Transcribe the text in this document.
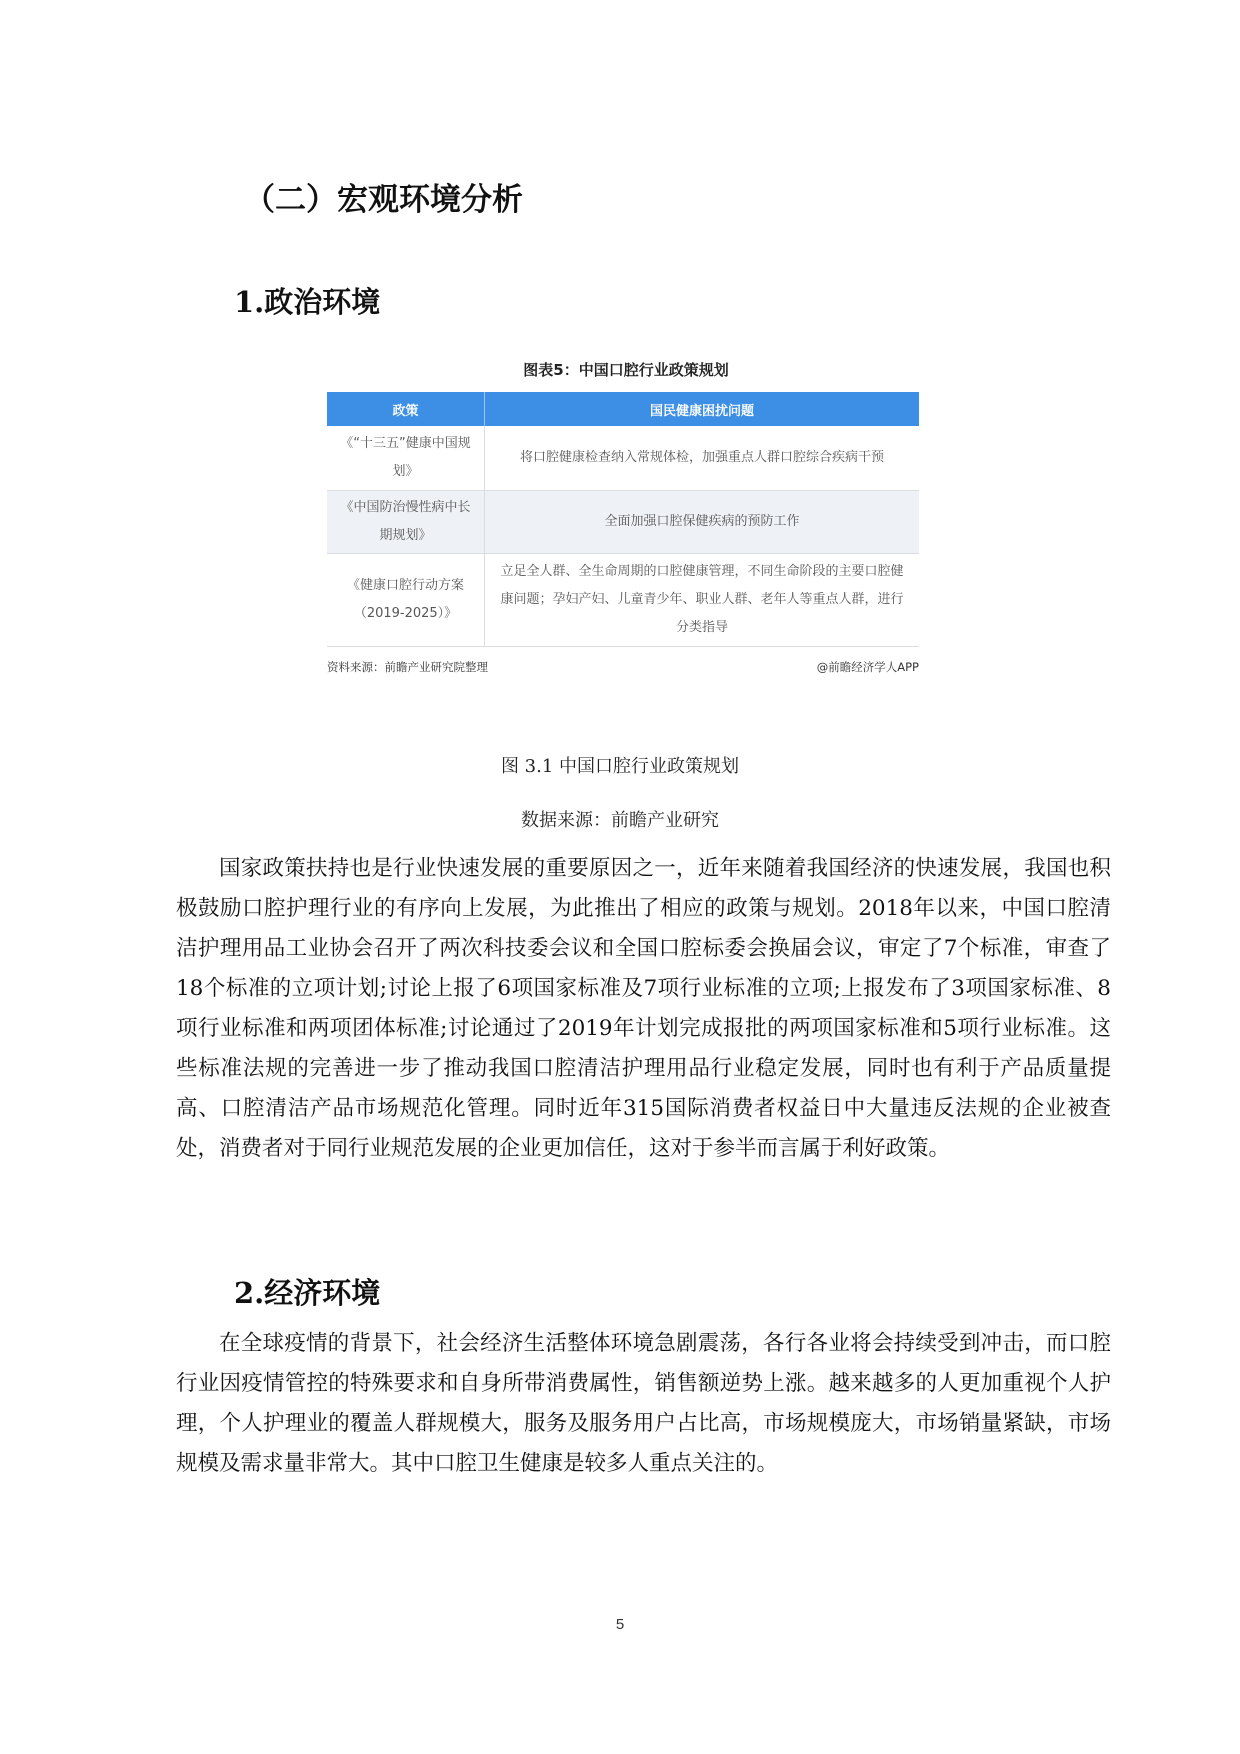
（二）宏观环境分析
1.政治环境
图表5：中国口腔行业政策规划
政策	国民健康困扰问题
《“十三五”健康中国规划》	将口腔健康检查纳入常规体检，加强重点人群口腔综合疾病干预
《中国防治慢性病中长期规划》	全面加强口腔保健疾病的预防工作
《健康口腔行动方案（2019-2025）》	立足全人群、全生命周期的口腔健康管理，不同生命阶段的主要口腔健康问题；孕妇产妇、儿童青少年、职业人群、老年人等重点人群，进行分类指导
资料来源：前瞻产业研究院整理	@前瞻经济学人APP
图 3.1 中国口腔行业政策规划
数据来源：前瞻产业研究

国家政策扶持也是行业快速发展的重要原因之一，近年来随着我国经济的快速发展，我国也积极鼓励口腔护理行业的有序向上发展，为此推出了相应的政策与规划。2018年以来，中国口腔清洁护理用品工业协会召开了两次科技委会议和全国口腔标委会换届会议，审定了7个标准，审查了18个标准的立项计划;讨论上报了6项国家标准及7项行业标准的立项;上报发布了3项国家标准、8项行业标准和两项团体标准;讨论通过了2019年计划完成报批的两项国家标准和5项行业标准。这些标准法规的完善进一步了推动我国口腔清洁护理用品行业稳定发展，同时也有利于产品质量提高、口腔清洁产品市场规范化管理。同时近年315国际消费者权益日中大量违反法规的企业被查处，消费者对于同行业规范发展的企业更加信任，这对于参半而言属于利好政策。

2.经济环境

在全球疫情的背景下，社会经济生活整体环境急剧震荡，各行各业将会持续受到冲击，而口腔行业因疫情管控的特殊要求和自身所带消费属性，销售额逆势上涨。越来越多的人更加重视个人护理，个人护理业的覆盖人群规模大，服务及服务用户占比高，市场规模庞大，市场销量紧缺，市场规模及需求量非常大。其中口腔卫生健康是较多人重点关注的。

5
